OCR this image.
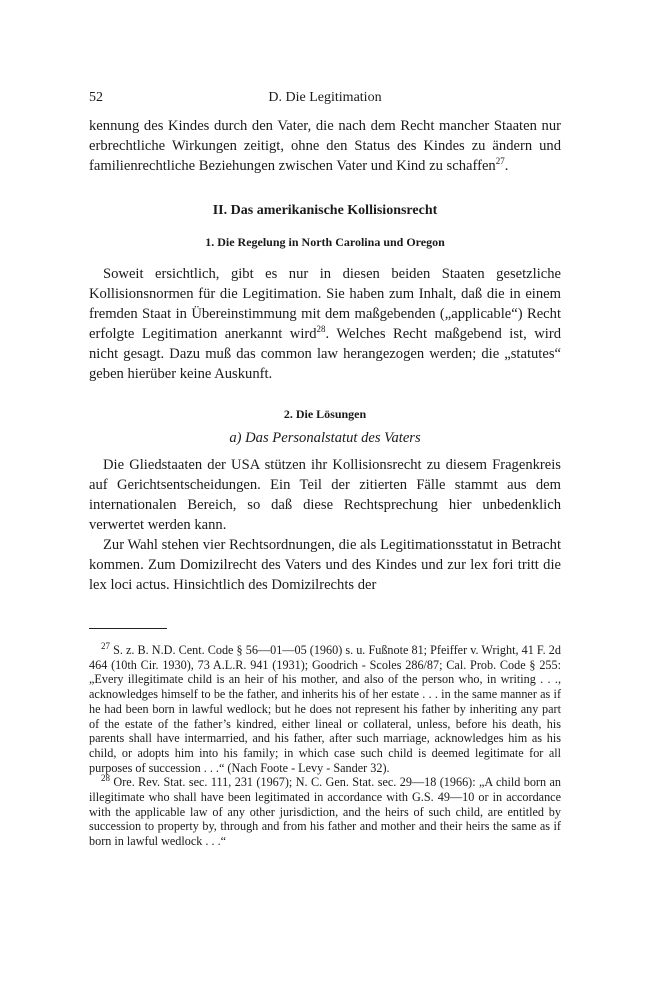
52	D. Die Legitimation

kennung des Kindes durch den Vater, die nach dem Recht mancher Staaten nur erbrechtliche Wirkungen zeitigt, ohne den Status des Kindes zu ändern und familienrechtliche Beziehungen zwischen Vater und Kind zu schaffen$^{27}$.

II. Das amerikanische Kollisionsrecht
1. Die Regelung in North Carolina und Oregon

Soweit ersichtlich, gibt es nur in diesen beiden Staaten gesetzliche Kollisionsnormen für die Legitimation. Sie haben zum Inhalt, daß die in einem fremden Staat in Übereinstimmung mit dem maßgebenden („applicable“) Recht erfolgte Legitimation anerkannt wird$^{28}$. Welches Recht maßgebend ist, wird nicht gesagt. Dazu muß das common law herangezogen werden; die „statutes“ geben hierüber keine Auskunft.

2. Die Lösungen
a) Das Personalstatut des Vaters

Die Gliedstaaten der USA stützen ihr Kollisionsrecht zu diesem Fragenkreis auf Gerichtsentscheidungen. Ein Teil der zitierten Fälle stammt aus dem internationalen Bereich, so daß diese Rechtsprechung hier unbedenklich verwertet werden kann.

Zur Wahl stehen vier Rechtsordnungen, die als Legitimationsstatut in Betracht kommen. Zum Domizilrecht des Vaters und des Kindes und zur lex fori tritt die lex loci actus. Hinsichtlich des Domizilrechts der

$^{27}$ S. z. B. N.D. Cent. Code § 56—01—05 (1960) s. u. Fußnote 81; Pfeiffer v. Wright, 41 F. 2d 464 (10th Cir. 1930), 73 A.L.R. 941 (1931); Goodrich - Scoles 286/87; Cal. Prob. Code § 255: „Every illegitimate child is an heir of his mother, and also of the person who, in writing . . ., acknowledges himself to be the father, and inherits his of her estate . . . in the same manner as if he had been born in lawful wedlock; but he does not represent his father by inheriting any part of the estate of the father’s kindred, either lineal or collateral, unless, before his death, his parents shall have intermarried, and his father, after such marriage, acknowledges him as his child, or adopts him into his family; in which case such child is deemed legitimate for all purposes of succession . . .“ (Nach Foote - Levy - Sander 32).

$^{28}$ Ore. Rev. Stat. sec. 111, 231 (1967); N. C. Gen. Stat. sec. 29—18 (1966): „A child born an illegitimate who shall have been legitimated in accordance with G.S. 49—10 or in accordance with the applicable law of any other jurisdiction, and the heirs of such child, are entitled by succession to property by, through and from his father and mother and their heirs the same as if born in lawful wedlock . . .“
